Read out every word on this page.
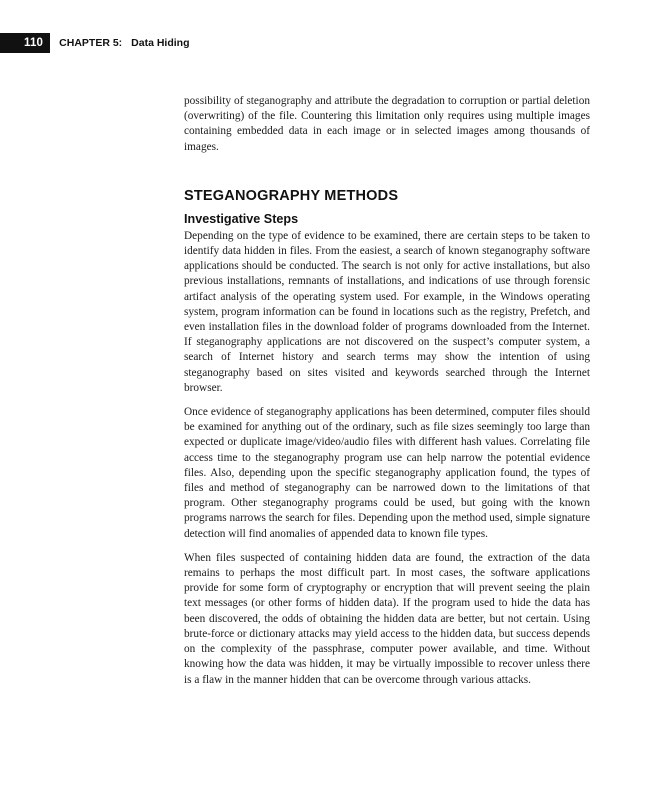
110	CHAPTER 5: Data Hiding

possibility of steganography and attribute the degradation to corruption or partial deletion (overwriting) of the file. Countering this limitation only requires using multiple images containing embedded data in each image or in selected images among thousands of images.

STEGANOGRAPHY METHODS
Investigative Steps

Depending on the type of evidence to be examined, there are certain steps to be taken to identify data hidden in files. From the easiest, a search of known steganography software applications should be conducted. The search is not only for active installations, but also previous installations, remnants of installations, and indications of use through forensic artifact analysis of the operating system used. For example, in the Windows operating system, program information can be found in locations such as the registry, Prefetch, and even installation files in the download folder of programs downloaded from the Internet. If steganography applications are not discovered on the suspect’s computer system, a search of Internet history and search terms may show the intention of using steganography based on sites visited and keywords searched through the Internet browser.

Once evidence of steganography applications has been determined, computer files should be examined for anything out of the ordinary, such as file sizes seemingly too large than expected or duplicate image/video/audio files with different hash values. Correlating file access time to the steganography program use can help narrow the potential evidence files. Also, depending upon the specific steganography application found, the types of files and method of steganography can be narrowed down to the limitations of that program. Other steganography programs could be used, but going with the known programs narrows the search for files. Depending upon the method used, simple signature detection will find anomalies of appended data to known file types.

When files suspected of containing hidden data are found, the extraction of the data remains to perhaps the most difficult part. In most cases, the software applications provide for some form of cryptography or encryption that will prevent seeing the plain text messages (or other forms of hidden data). If the program used to hide the data has been discovered, the odds of obtaining the hidden data are better, but not certain. Using brute-force or dictionary attacks may yield access to the hidden data, but success depends on the complexity of the passphrase, computer power available, and time. Without knowing how the data was hidden, it may be virtually impossible to recover unless there is a flaw in the manner hidden that can be overcome through various attacks.
